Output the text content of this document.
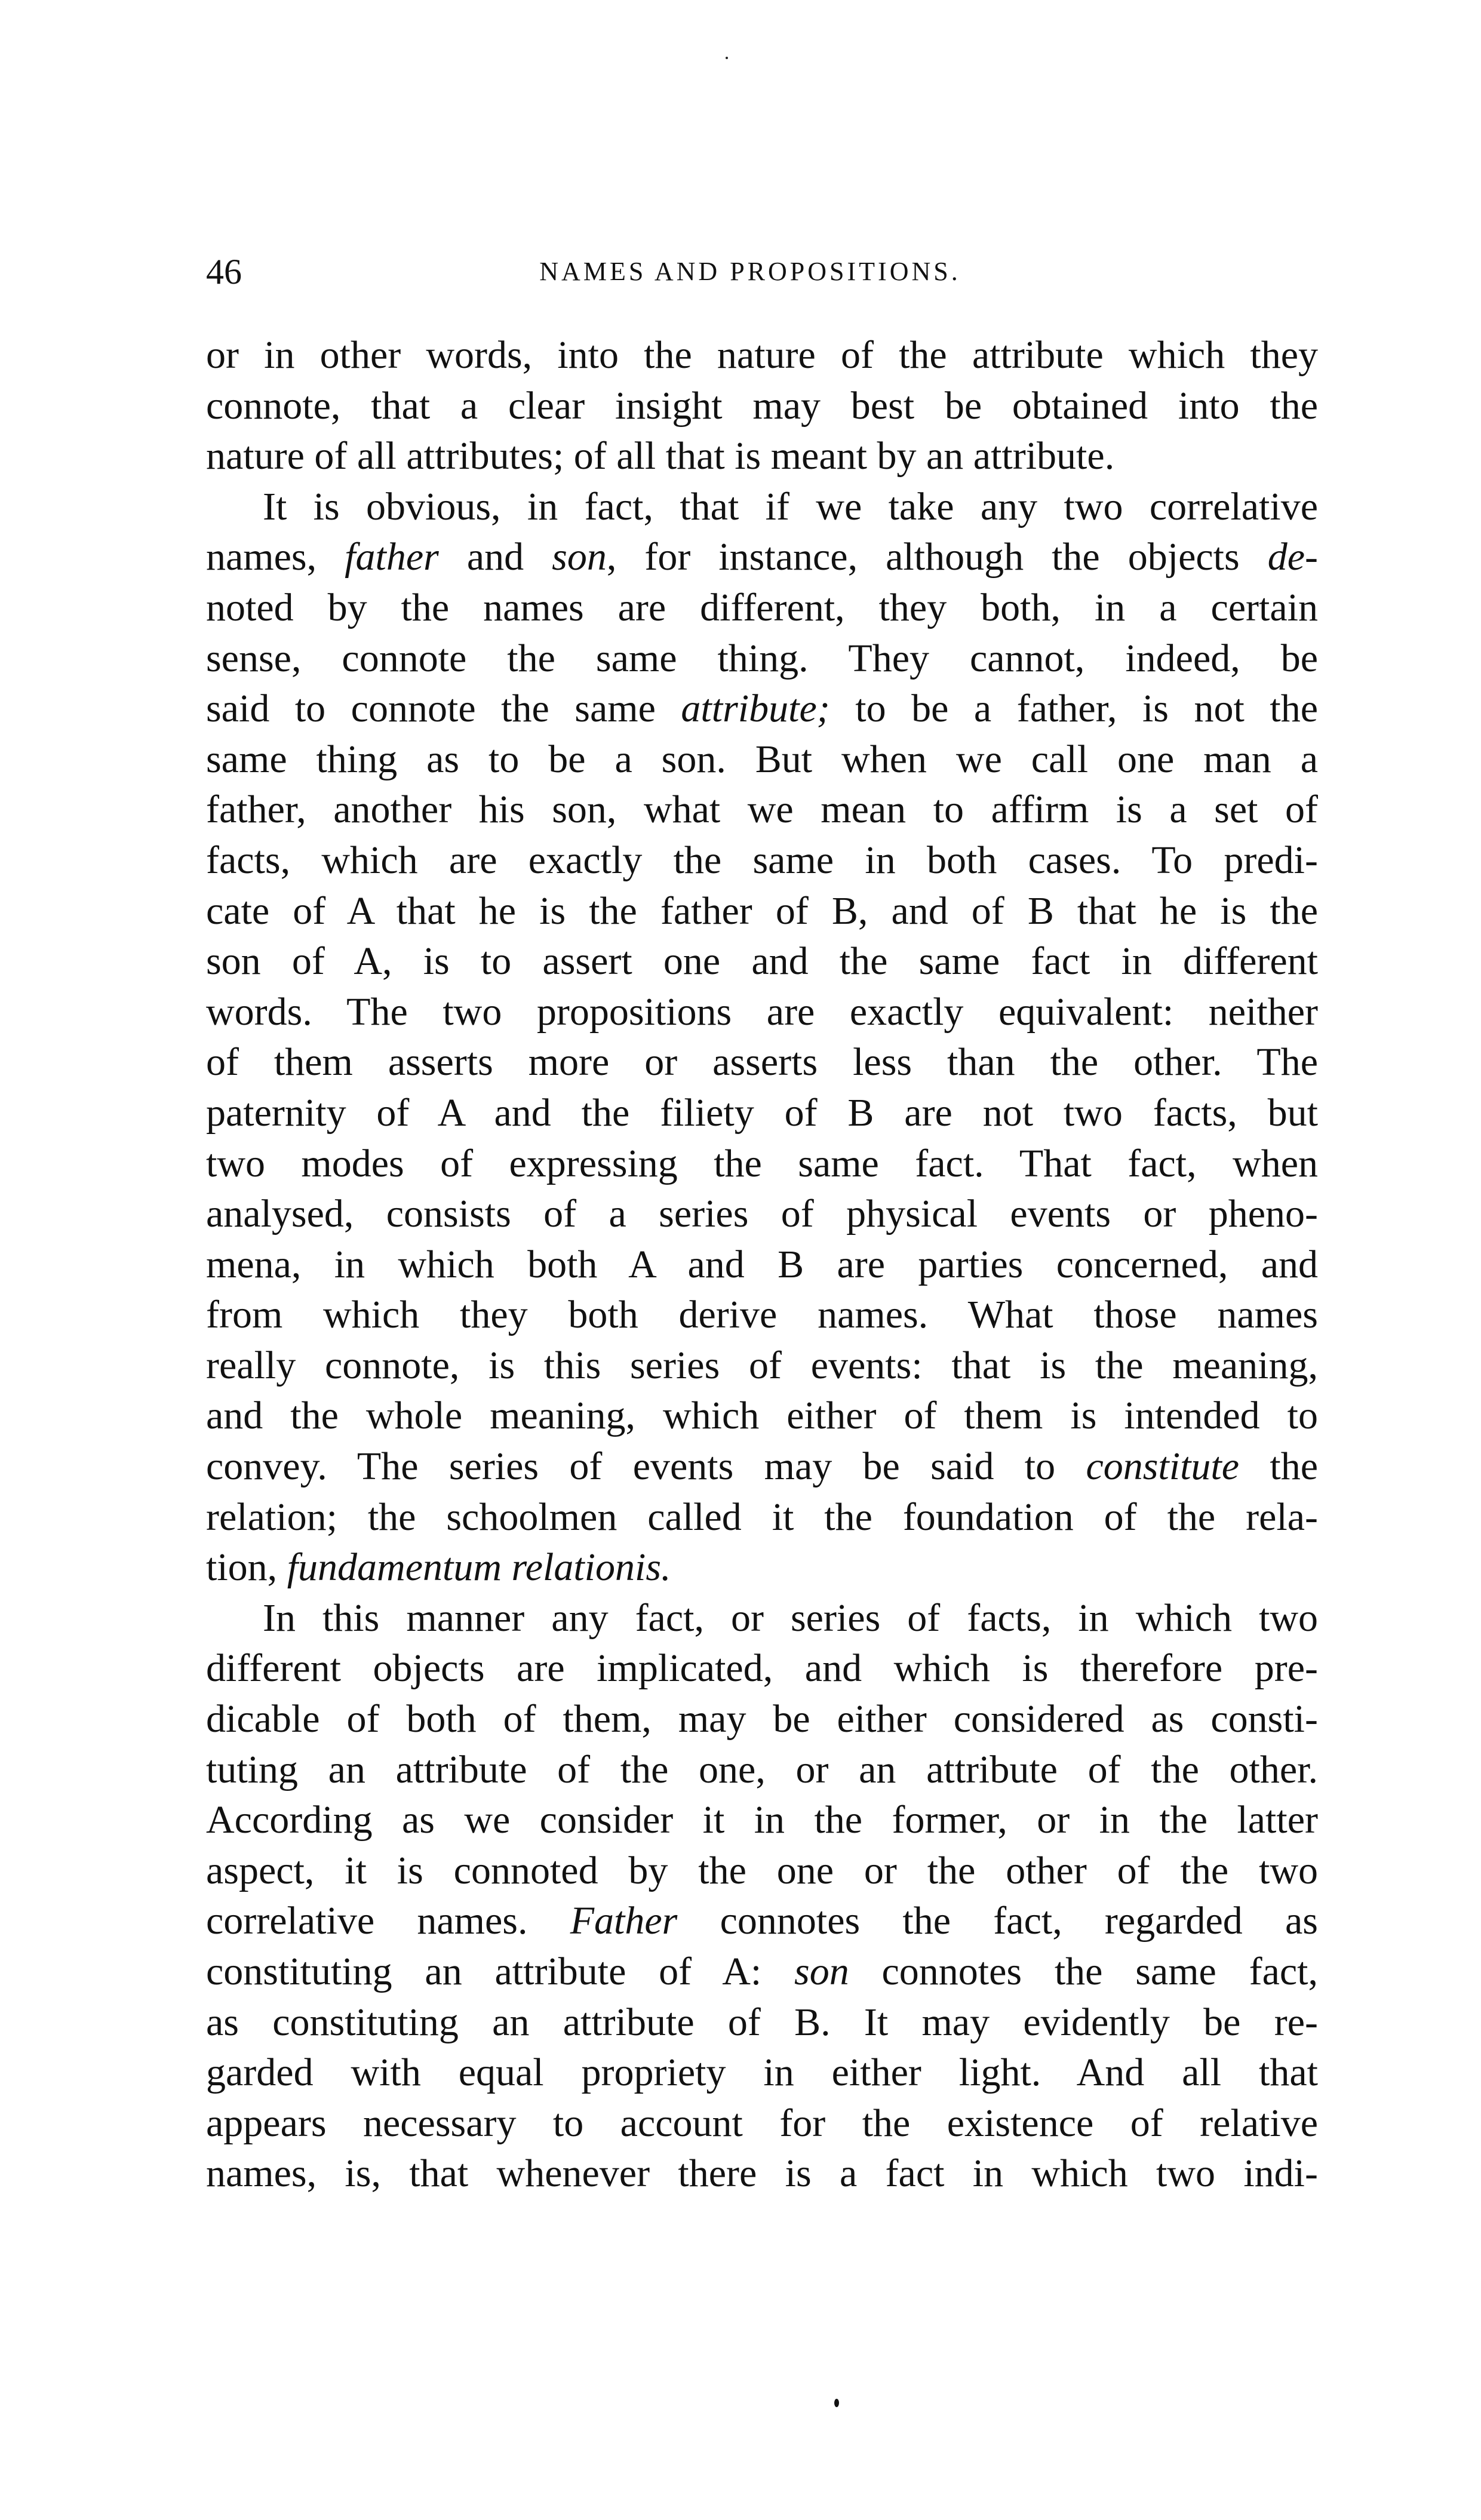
46	NAMES AND PROPOSITIONS.
or in other words, into the nature of the attribute which they
connote, that a clear insight may best be obtained into the
nature of all attributes; of all that is meant by an attribute.
It is obvious, in fact, that if we take any two correlative
names, father and son, for instance, although the objects de-
noted by the names are different, they both, in a certain
sense, connote the same thing. They cannot, indeed, be
said to connote the same attribute; to be a father, is not the
same thing as to be a son. But when we call one man a
father, another his son, what we mean to affirm is a set of
facts, which are exactly the same in both cases. To predi-
cate of A that he is the father of B, and of B that he is the
son of A, is to assert one and the same fact in different
words. The two propositions are exactly equivalent: neither
of them asserts more or asserts less than the other. The
paternity of A and the filiety of B are not two facts, but
two modes of expressing the same fact. That fact, when
analysed, consists of a series of physical events or pheno-
mena, in which both A and B are parties concerned, and
from which they both derive names. What those names
really connote, is this series of events: that is the meaning,
and the whole meaning, which either of them is intended to
convey. The series of events may be said to constitute the
relation; the schoolmen called it the foundation of the rela-
tion, fundamentum relationis.
In this manner any fact, or series of facts, in which two
different objects are implicated, and which is therefore pre-
dicable of both of them, may be either considered as consti-
tuting an attribute of the one, or an attribute of the other.
According as we consider it in the former, or in the latter
aspect, it is connoted by the one or the other of the two
correlative names. Father connotes the fact, regarded as
constituting an attribute of A: son connotes the same fact,
as constituting an attribute of B. It may evidently be re-
garded with equal propriety in either light. And all that
appears necessary to account for the existence of relative
names, is, that whenever there is a fact in which two indi-
